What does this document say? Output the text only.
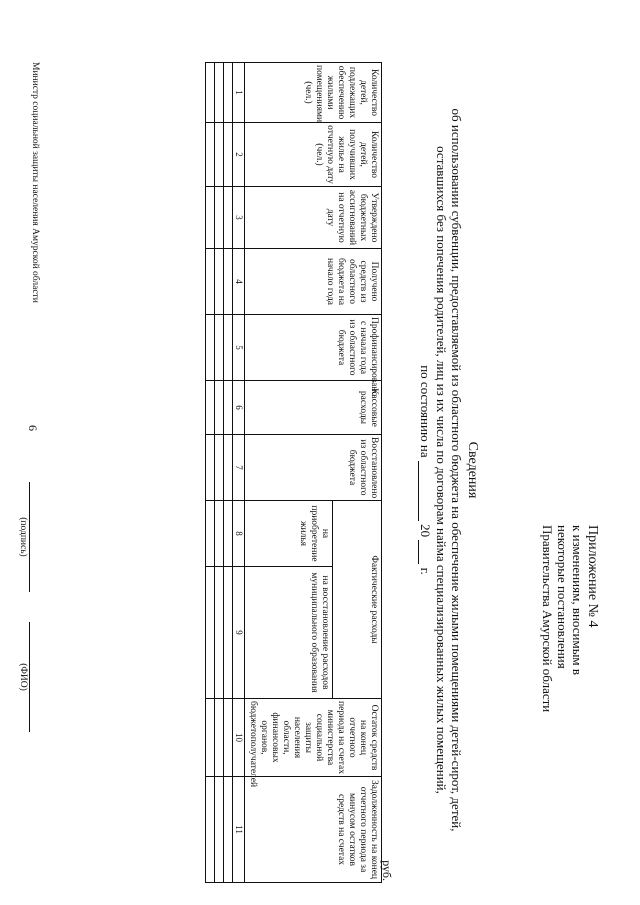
6
Приложение № 4
к изменениям, вносимым в
некоторые постановления
Правительства Амурской области
Сведения
об использовании субвенции, предоставляемой из областного бюджета на обеспечение жилыми помещениями детей-сирот, детей,
оставшихся без попечения родителей, лиц из их числа по договорам найма специализированных жилых помещений,
по состоянию на  20  г.
руб.
Количество детей, подлежащих обеспечению жилыми помещениями (чел.)	Количество детей, получивших жилье на отчетную дату (чел.)	Утверждено бюджетных ассигнований на отчетную дату	Получено средств из областного бюджета на начало года	Профинансировано с начала года из областного бюджета	Кассовые расходы	Восстановлено из областного бюджета	Фактические расходы		Остаток средств на конец отчетного периода на счетах министерства социальной защиты населения области, финансовых органов, бюджетополучателей	Задолженность на конец отчетного периода за минусом остатков средств на счетах
							на приобретение жилья	на восстановление расходов муниципального образования		
1	2	3	4	5	6	7	8	9	10	11

Министр социальной защиты населения Амурской области
(подпись)
(ФИО)
